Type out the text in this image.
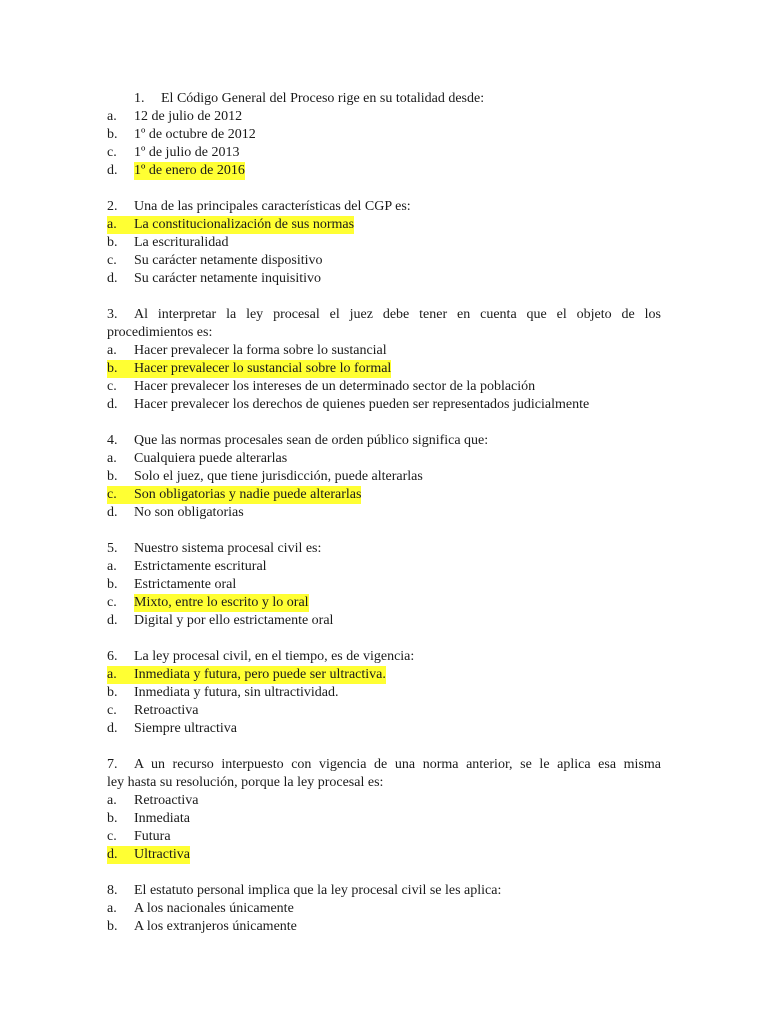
1.	El Código General del Proceso rige en su totalidad desde:
a.	12 de julio de 2012
b.	1º de octubre de 2012
c.	1º de julio de 2013
d.	1º de enero de 2016
2.	Una de las principales características del CGP es:
a.	La constitucionalización de sus normas
b.	La escrituralidad
c.	Su carácter netamente dispositivo
d.	Su carácter netamente inquisitivo
3.	Al interpretar la ley procesal el juez debe tener en cuenta que el objeto de los
procedimientos es:
a.	Hacer prevalecer la forma sobre lo sustancial
b.	Hacer prevalecer lo sustancial sobre lo formal
c.	Hacer prevalecer los intereses de un determinado sector de la población
d.	Hacer prevalecer los derechos de quienes pueden ser representados judicialmente
4.	Que las normas procesales sean de orden público significa que:
a.	Cualquiera puede alterarlas
b.	Solo el juez, que tiene jurisdicción, puede alterarlas
c.	Son obligatorias y nadie puede alterarlas
d.	No son obligatorias
5.	Nuestro sistema procesal civil es:
a.	Estrictamente escritural
b.	Estrictamente oral
c.	Mixto, entre lo escrito y lo oral
d.	Digital y por ello estrictamente oral
6.	La ley procesal civil, en el tiempo, es de vigencia:
a.	Inmediata y futura, pero puede ser ultractiva.
b.	Inmediata y futura, sin ultractividad.
c.	Retroactiva
d.	Siempre ultractiva
7.	A un recurso interpuesto con vigencia de una norma anterior, se le aplica esa misma
ley hasta su resolución, porque la ley procesal es:
a.	Retroactiva
b.	Inmediata
c.	Futura
d.	Ultractiva
8.	El estatuto personal implica que la ley procesal civil se les aplica:
a.	A los nacionales únicamente
b.	A los extranjeros únicamente
